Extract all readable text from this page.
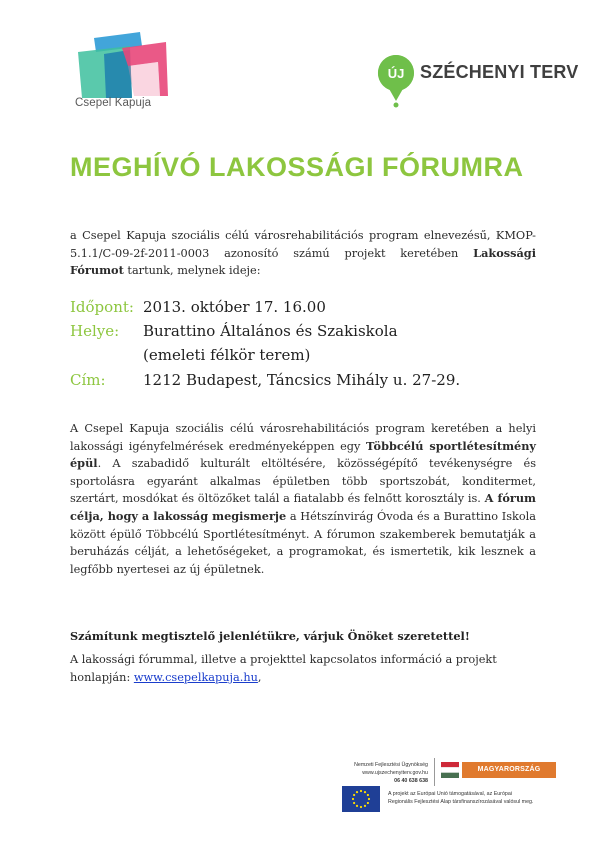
Csepel Kapuja
ÚJ SZÉCHENYI TERV
MEGHÍVÓ LAKOSSÁGI FÓRUMRA
a Csepel Kapuja szociális célú városrehabilitációs program elnevezésű, KMOP-5.1.1/C-09-2f-2011-0003 azonosító számú projekt keretében Lakossági Fórumot tartunk, melynek ideje:
Időpont: 2013. október 17. 16.00
Helye: Burattino Általános és Szakiskola
(emeleti félkör terem)
Cím: 1212 Budapest, Táncsics Mihály u. 27-29.
A Csepel Kapuja szociális célú városrehabilitációs program keretében a helyi lakossági igényfelmérések eredményeképpen egy Többcélú sportlétesítmény épül. A szabadidő kulturált eltöltésére, közösségépítő tevékenységre és sportolásra egyaránt alkalmas épületben több sportszobát, konditermet, szertárt, mosdókat és öltözőket talál a fiatalabb és felnőtt korosztály is. A fórum célja, hogy a lakosság megismerje a Hétszínvirág Óvoda és a Burattino Iskola között épülő Többcélú Sportlétesítményt. A fórumon szakemberek bemutatják a beruházás célját, a lehetőségeket, a programokat, és ismertetik, kik lesznek a legfőbb nyertesei az új épületnek.
Számítunk megtisztelő jelenlétükre, várjuk Önöket szeretettel!
A lakossági fórummal, illetve a projekttel kapcsolatos információ a projekt honlapján: www.csepelkapuja.hu,
Nemzeti Fejlesztési Ügynökség
www.ujszechenyiterv.gov.hu
06 40 638 638
MAGYARORSZÁG MEGÚJUL
A projekt az Európai Unió támogatásával, az Európai
Regionális Fejlesztési Alap társfinanszírozásával valósul meg.
